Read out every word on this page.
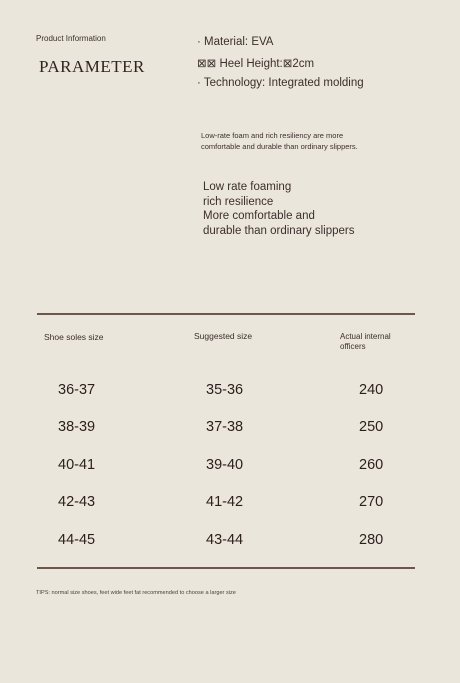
Product Information
PARAMETER
· Material: EVA
⊠⊠ Heel Height:⊠2cm
· Technology: Integrated molding
Low-rate foam and rich resiliency are more comfortable and durable than ordinary slippers.
Low rate foaming
rich resilience
More comfortable and
durable than ordinary slippers
Shoe soles size	Suggested size	Actual internal officers
36-37	35-36	240
38-39	37-38	250
40-41	39-40	260
42-43	41-42	270
44-45	43-44	280
TIPS: normal size shoes, feet wide feet fat recommended to choose a larger size
